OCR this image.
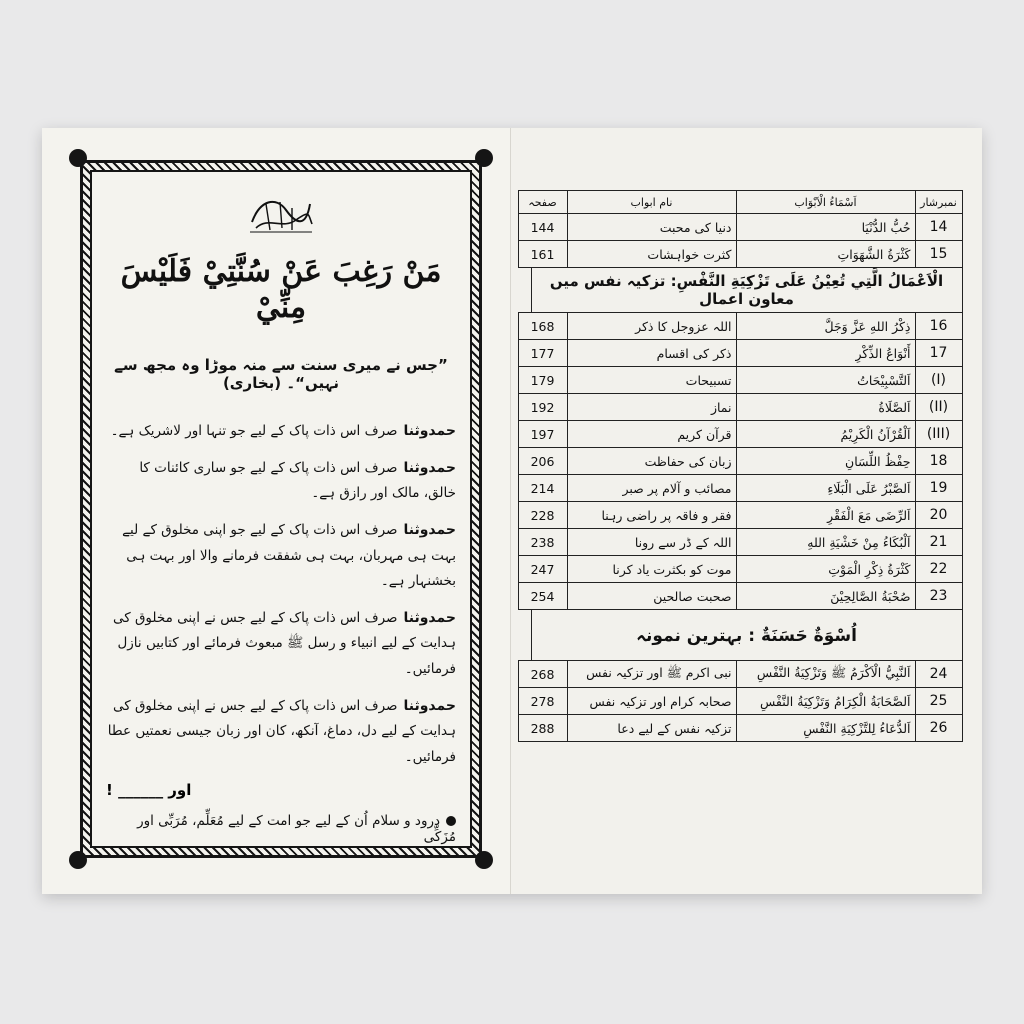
مَنْ رَغِبَ عَنْ سُنَّتِيْ فَلَيْسَ مِنِّيْ
”جس نے میری سنت سے منہ موڑا وہ مجھ سے نہیں“۔ (بخاری)

حمدوثناصرف اس ذات پاک کے لیے جو تنہا اور لاشریک ہے۔

حمدوثناصرف اس ذات پاک کے لیے جو ساری کائنات کا خالق، مالک اور رازق ہے۔

حمدوثناصرف اس ذات پاک کے لیے جو اپنی مخلوق کے لیے بہت ہی مہربان، بہت ہی شفقت فرمانے والا اور بہت ہی بخشنہار ہے۔

حمدوثناصرف اس ذات پاک کے لیے جس نے اپنی مخلوق کی ہدایت کے لیے انبیاء و رسل ﷺ مبعوث فرمائے اور کتابیں نازل فرمائیں۔

حمدوثناصرف اس ذات پاک کے لیے جس نے اپنی مخلوق کی ہدایت کے لیے دل، دماغ، آنکھ، کان اور زبان جیسی نعمتیں عطا فرمائیں۔

اور ______ !
درود و سلام اُن کے لیے جو امت کے لیے مُعَلِّم، مُرَبِّی اور مُزَکِّی
نمبرشار	اَسْمَاءُ الْاَبْوَاب	نام ابواب	صفحہ
14	حُبُّ الدُّنْيَا	دنیا کی محبت	144
15	كَثْرَةُ الشَّهَوَاتِ	کثرت خواہشات	161
الْاَعْمَالُ الَّتِي تُعِيْنُ عَلَى تَزْكِيَةِ النَّفْسِ: تزکیہ نفس میں معاون اعمال
16	ذِكْرُ اللهِ عَزَّ وَجَلَّ	اللہ عزوجل کا ذکر	168
17	أَنْوَاعُ الذِّكْرِ	ذکر کی اقسام	177
(I)	اَلتَّسْبِيْحَاتُ	تسبیحات	179
(II)	اَلصَّلَاةُ	نماز	192
(III)	اَلْقُرْآنُ الْكَرِيْمُ	قرآن کریم	197
18	حِفْظُ اللِّسَانِ	زبان کی حفاظت	206
19	اَلصَّبْرُ عَلَى الْبَلَاءِ	مصائب و آلام پر صبر	214
20	اَلرِّضَى مَعَ الْفَقْرِ	فقر و فاقہ پر راضی رہنا	228
21	اَلْبُكَاءُ مِنْ خَشْيَةِ اللهِ	اللہ کے ڈر سے رونا	238
22	كَثْرَةُ ذِكْرِ الْمَوْتِ	موت کو بکثرت یاد کرنا	247
23	صُحْبَةُ الصَّالِحِيْنَ	صحبت صالحین	254
اُسْوَةٌ حَسَنَةٌ : بہترین نمونہ
24	اَلنَّبِيُّ الْاَكْرَمُ ﷺ وَتَزْكِيَةُ النَّفْسِ	نبی اکرم ﷺ اور تزکیہ نفس	268
25	اَلصَّحَابَةُ الْكِرَامُ وَتَزْكِيَةُ النَّفْسِ	صحابہ کرام اور تزکیہ نفس	278
26	اَلدُّعَاءُ لِلتَّزْكِيَةِ النَّفْسِ	تزکیہ نفس کے لیے دعا	288
